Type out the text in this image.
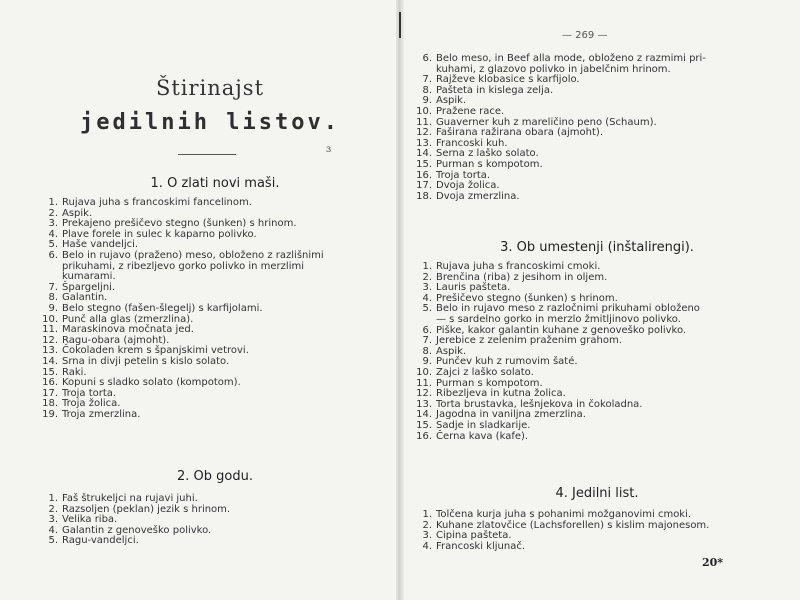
Štirinajst
jedilnih listov.
ɜ
1. O zlati novi maši.
1. Rujava juha s francoskimi fancelinom.
2. Aspik.
3. Prekajeno prešičevo stegno (šunken) s hrinom.
4. Plave forele in sulec k kaparno polivko.
5. Haše vandeljci.
6. Belo in rujavo (praženo) meso, obloženo z razlišnimi
prikuhami, z ribezljevo gorko polivko in merzlimi
kumarami.
7. Špargeljni.
8. Galantin.
9. Belo stegno (fašen-šlegelj) s karfijolami.
10. Punč alla glas (zmerzlina).
11. Maraskinova močnata jed.
12. Ragu-obara (ajmoht).
13. Čokoladen krem s španjskimi vetrovi.
14. Srna in divji petelin s kislo solato.
15. Raki.
16. Kopuni s sladko solato (kompotom).
17. Troja torta.
18. Troja žolica.
19. Troja zmerzlina.
2. Ob godu.
1. Faš štrukeljci na rujavi juhi.
2. Razsoljen (peklan) jezik s hrinom.
3. Velika riba.
4. Galantin z genoveško polivko.
5. Ragu-vandeljci.
— 269 —
6. Belo meso, in Beef alla mode, obloženo z razmimi pri-
kuhami, z glazovo polivko in jabelčnim hrinom.
7. Rajževe klobasice s karfijolo.
8. Pašteta in kislega zelja.
9. Aspik.
10. Pražene race.
11. Guaverner kuh z mareličino peno (Schaum).
12. Faširana ražirana obara (ajmoht).
13. Francoski kuh.
14. Serna z laško solato.
15. Purman s kompotom.
16. Troja torta.
17. Dvoja žolica.
18. Dvoja zmerzlina.
3. Ob umestenji (inštalirengi).
1. Rujava juha s francoskimi cmoki.
2. Brenčina (riba) z jesihom in oljem.
3. Lauris pašteta.
4. Prešičevo stegno (šunken) s hrinom.
5. Belo in rujavo meso z razločnimi prikuhami obloženo
— s sardelno gorko in merzlo žmitljinovo polivko.
6. Piške, kakor galantin kuhane z genoveško polivko.
7. Jerebice z zelenim praženim grahom.
8. Aspik.
9. Punčev kuh z rumovim šaté.
10. Zajci z laško solato.
11. Purman s kompotom.
12. Ribezljeva in kutna žolica.
13. Torta brustavka, lešnjekova in čokoladna.
14. Jagodna in vaniljna zmerzlina.
15. Sadje in sladkarije.
16. Černa kava (kafe).
4. Jedilni list.
1. Tolčena kurja juha s pohanimi možganovimi cmoki.
2. Kuhane zlatovčice (Lachsforellen) s kislim majonesom.
3. Cipina pašteta.
4. Francoski kljunač.
20*
